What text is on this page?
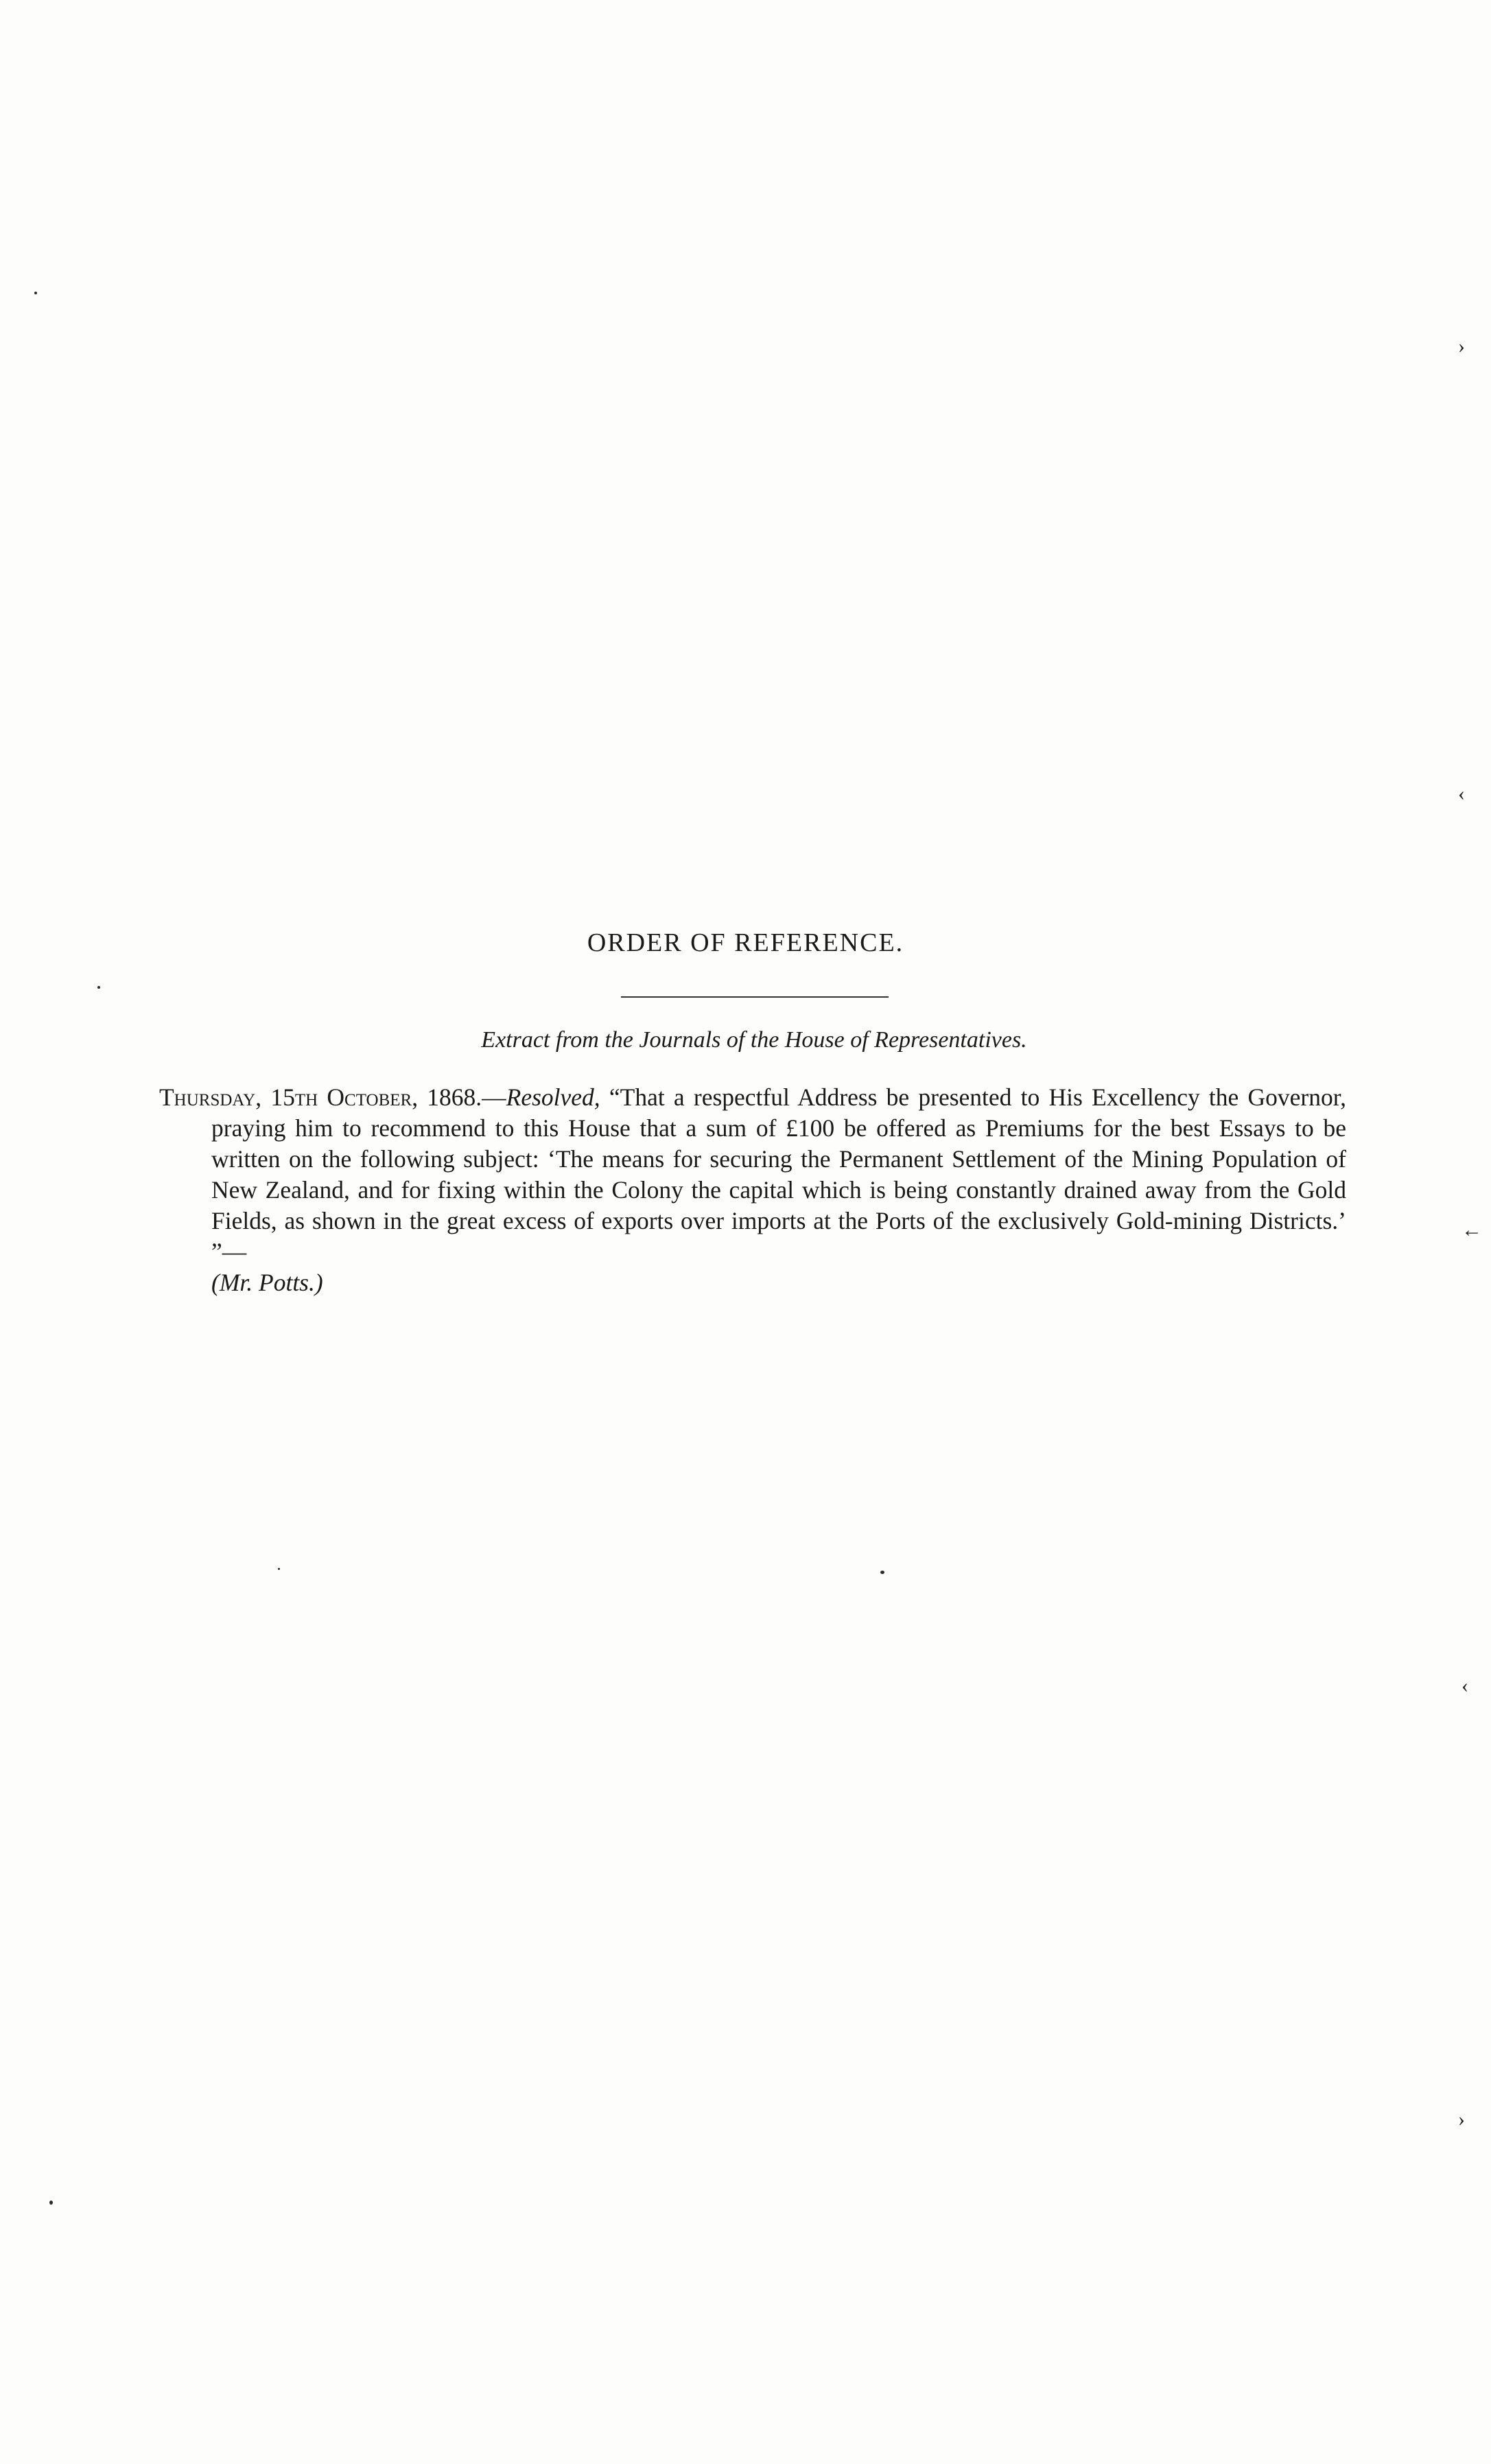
ORDER OF REFERENCE.
Extract from the Journals of the House of Representatives.
Thursday, 15th October, 1868.—Resolved, “That a respectful Address be presented to His Excellency the Governor, praying him to recommend to this House that a sum of £100 be offered as Premiums for the best Essays to be written on the following subject: ‘The means for securing the Permanent Settlement of the Mining Population of New Zealand, and for fixing within the Colony the capital which is being constantly drained away from the Gold Fields, as shown in the great excess of exports over imports at the Ports of the exclusively Gold-mining Districts.’ ”—
(Mr. Potts.)
›
‹
←
‹
›
